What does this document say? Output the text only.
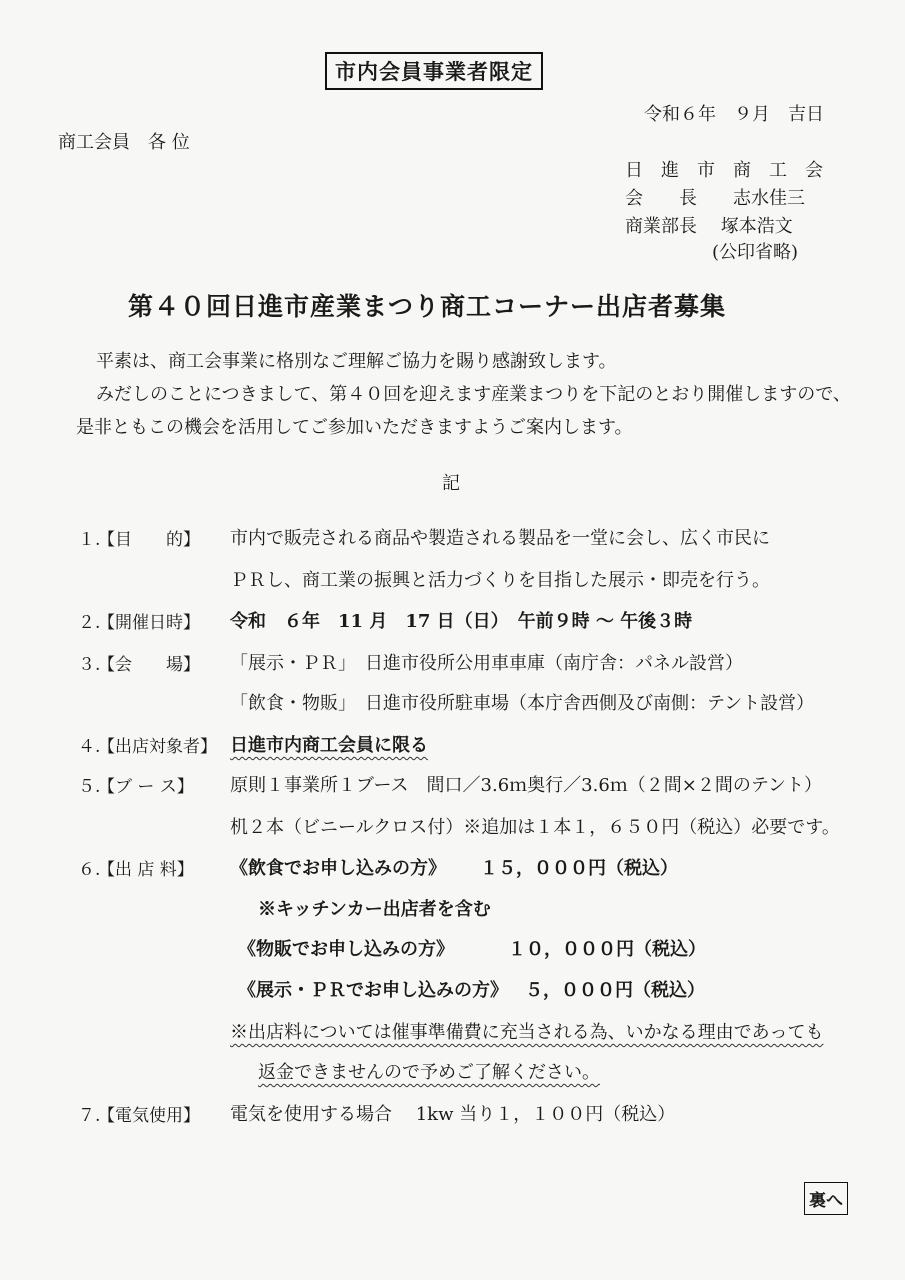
市内会員事業者限定
令和６年　９月　吉日
商工会員　各 位
日　進　市　商　工　会
会　　長　　志水佳三
商業部長　 塚本浩文
(公印省略)
第４０回日進市産業まつり商工コーナー出店者募集
平素は、商工会事業に格別なご理解ご協力を賜り感謝致します。
みだしのことにつきまして、第４０回を迎えます産業まつりを下記のとおり開催しますので、
是非ともこの機会を活用してご参加いただきますようご案内します。
記
１.
【目　　的】 市内で販売される商品や製造される製品を一堂に会し、広く市民に
ＰＲし、商工業の振興と活力づくりを目指した展示・即売を行う。
２.
【開催日時】 令和　６年　11 月　17 日（日）　午前９時 ～ 午後３時
３.
【会　　場】 「展示・ＰＲ」　日進市役所公用車車庫（南庁舎：パネル設営）
「飲食・物販」　日進市役所駐車場（本庁舎西側及び南側：テント設営）
４.
【出店対象者】 日進市内商工会員に限る
５.
【ブ ー ス】 原則１事業所１ブース　間口／3.6ｍ奥行／3.6ｍ（２間×２間のテント）
机２本（ビニールクロス付）※追加は１本１，６５０円（税込）必要です。
６.
【出 店 料】 《飲食でお申し込みの方》 １５，０００円（税込）
※キッチンカー出店者を含む
《物販でお申し込みの方》	１０，０００円（税込）
《展示・ＰＲでお申し込みの方》 ５，０００円（税込）
※出店料については催事準備費に充当される為、いかなる理由であっても
返金できませんので予めご了解ください。
７.
【電気使用】 電気を使用する場合　 1kw 当り１，１００円（税込）
裏へ
